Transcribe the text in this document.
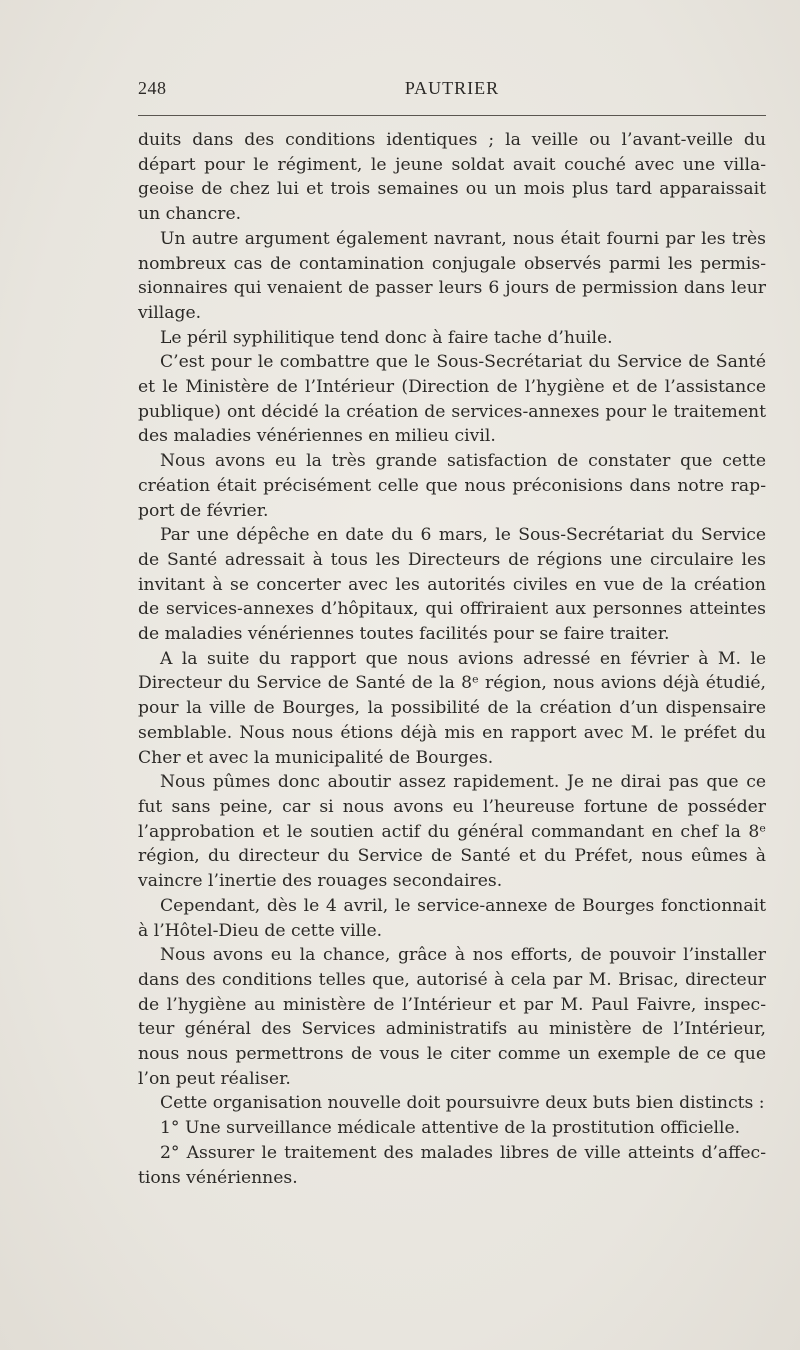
248	PAUTRIER

duits dans des conditions identiques ; la veille ou l’avant-veille du départ pour le régiment, le jeune soldat avait couché avec une villageoise de chez lui et trois semaines ou un mois plus tard apparaissait un chancre.

Un autre argument également navrant, nous était fourni par les très nombreux cas de contamination conjugale observés parmi les permissionnaires qui venaient de passer leurs 6 jours de permission dans leur village.

Le péril syphilitique tend donc à faire tache d’huile.

C’est pour le combattre que le Sous-Secrétariat du Service de Santé et le Ministère de l’Intérieur (Direction de l’hygiène et de l’assistance publique) ont décidé la création de services-annexes pour le traitement des maladies vénériennes en milieu civil.

Nous avons eu la très grande satisfaction de constater que cette création était précisément celle que nous préconisions dans notre rapport de février.

Par une dépêche en date du 6 mars, le Sous-Secrétariat du Service de Santé adressait à tous les Directeurs de régions une circulaire les invitant à se concerter avec les autorités civiles en vue de la création de services-annexes d’hôpitaux, qui offriraient aux personnes atteintes de maladies vénériennes toutes facilités pour se faire traiter.

A la suite du rapport que nous avions adressé en février à M. le Directeur du Service de Santé de la 8ᵉ région, nous avions déjà étudié, pour la ville de Bourges, la possibilité de la création d’un dispensaire semblable. Nous nous étions déjà mis en rapport avec M. le préfet du Cher et avec la municipalité de Bourges.

Nous pûmes donc aboutir assez rapidement. Je ne dirai pas que ce fut sans peine, car si nous avons eu l’heureuse fortune de posséder l’approbation et le soutien actif du général commandant en chef la 8ᵉ région, du directeur du Service de Santé et du Préfet, nous eûmes à vaincre l’inertie des rouages secondaires.

Cependant, dès le 4 avril, le service-annexe de Bourges fonctionnait à l’Hôtel-Dieu de cette ville.

Nous avons eu la chance, grâce à nos efforts, de pouvoir l’installer dans des conditions telles que, autorisé à cela par M. Brisac, directeur de l’hygiène au ministère de l’Intérieur et par M. Paul Faivre, inspecteur général des Services administratifs au ministère de l’Intérieur, nous nous permettrons de vous le citer comme un exemple de ce que l’on peut réaliser.

Cette organisation nouvelle doit poursuivre deux buts bien distincts :

1° Une surveillance médicale attentive de la prostitution officielle.

2° Assurer le traitement des malades libres de ville atteints d’affections vénériennes.
